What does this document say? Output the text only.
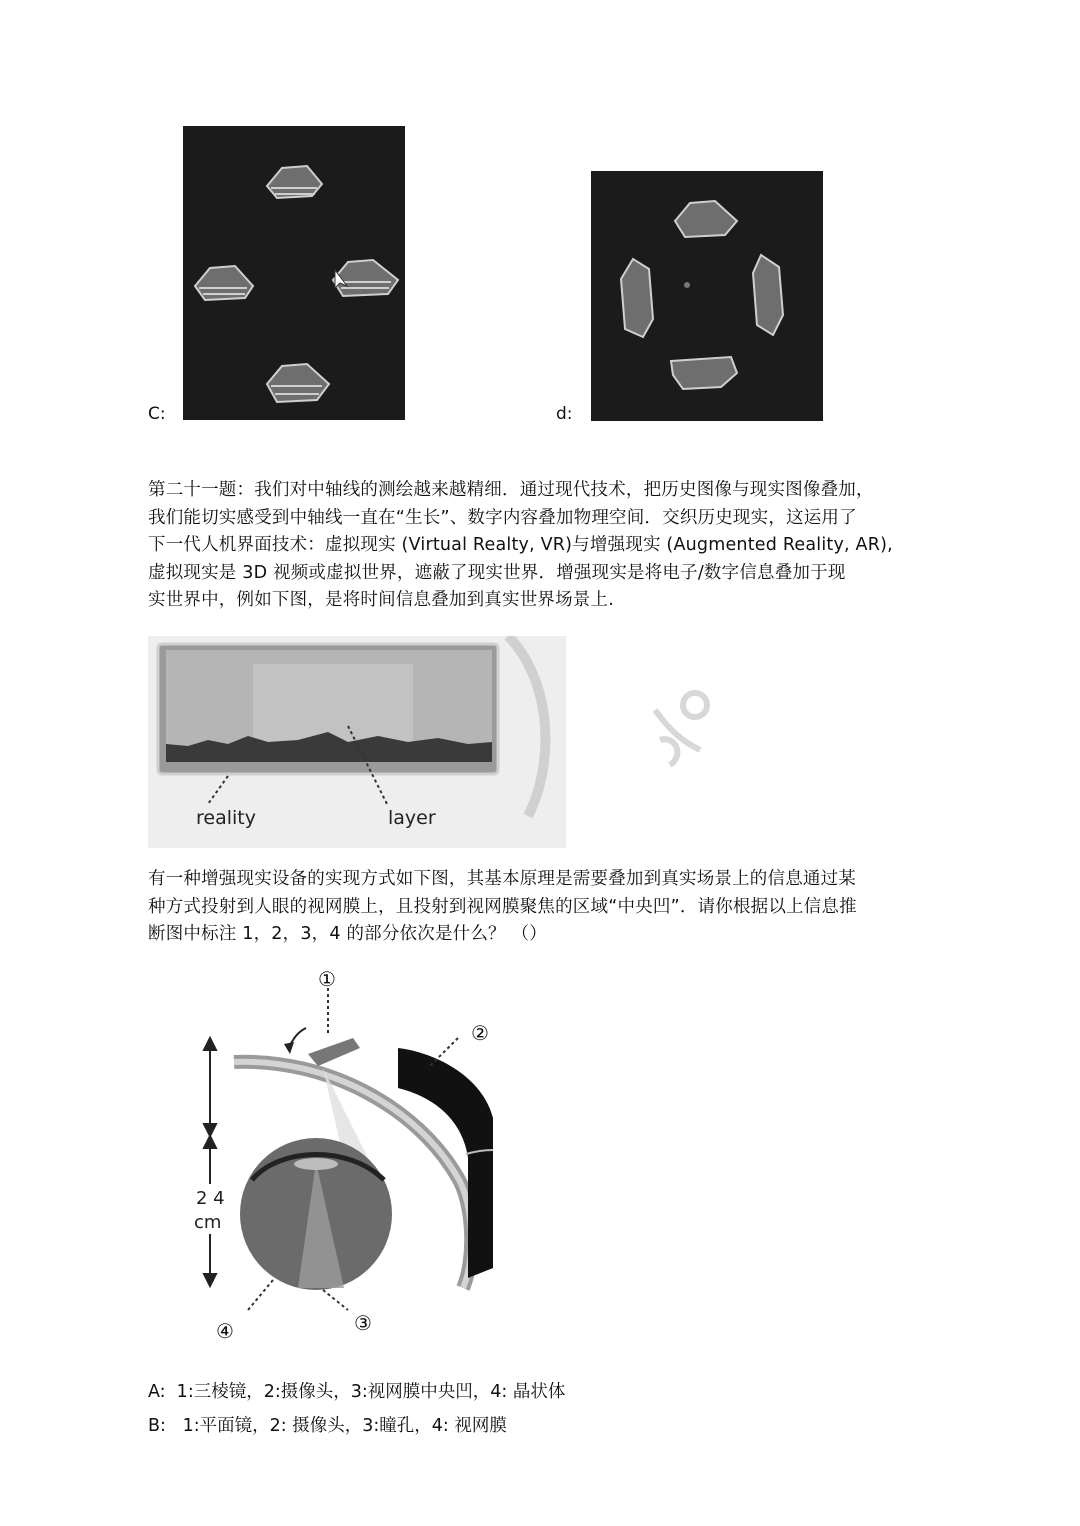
C:	d:

第二十一题：我们对中轴线的测绘越来越精细．通过现代技术，把历史图像与现实图像叠加，

我们能切实感受到中轴线一直在“生长”、数字内容叠加物理空间．交织历史现实，这运用了

下一代人机界面技术：虚拟现实 (Virtual Realty, VR)与增强现实 (Augmented Reality, AR),

虚拟现实是 3D 视频或虚拟世界，遮蔽了现实世界．增强现实是将电子/数字信息叠加于现

实世界中，例如下图，是将时间信息叠加到真实世界场景上.

reality	layer

有一种增强现实设备的实现方式如下图，其基本原理是需要叠加到真实场景上的信息通过某

种方式投射到人眼的视网膜上，且投射到视网膜聚焦的区域“中央凹”．请你根据以上信息推

断图中标注 1，2，3，4 的部分依次是什么？ （）

2 4
cm
①
②
③
④
A:  1:三棱镜，2:摄像头，3:视网膜中央凹，4: 晶状体
B:   1:平面镜，2: 摄像头，3:瞳孔，4: 视网膜
